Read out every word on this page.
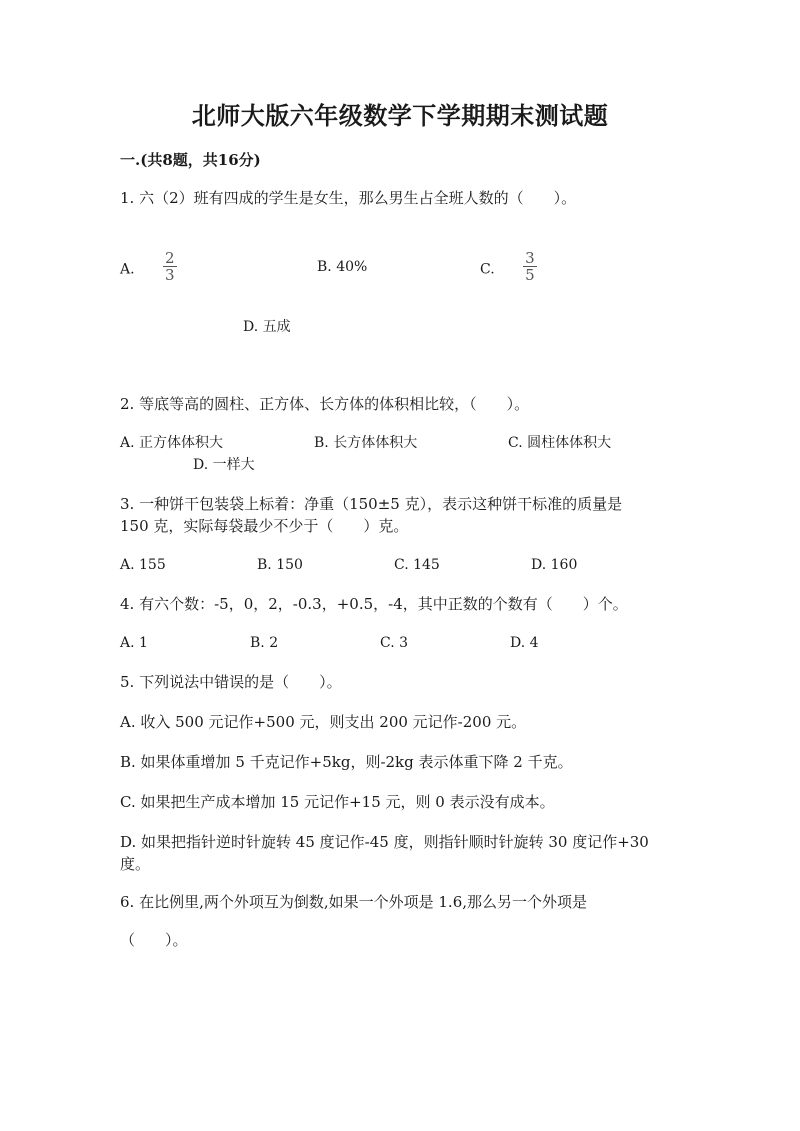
北师大版六年级数学下学期期末测试题
一.(共8题，共16分)
1. 六（2）班有四成的学生是女生，那么男生占全班人数的（　　）。
A. $\frac{2}{3}$	B. 40%	C. $\frac{3}{5}$
D. 五成
2. 等底等高的圆柱、正方体、长方体的体积相比较，（　　）。
A. 正方体体积大	B. 长方体体积大	C. 圆柱体体积大
D. 一样大
3. 一种饼干包装袋上标着：净重（150±5 克），表示这种饼干标准的质量是
150 克，实际每袋最少不少于（　　）克。
A. 155	B. 150	C. 145	D. 160
4. 有六个数：-5，0，2，-0.3，+0.5，-4，其中正数的个数有（　　）个。
A. 1	B. 2	C. 3	D. 4
5. 下列说法中错误的是（　　）。
A. 收入 500 元记作+500 元，则支出 200 元记作-200 元。
B. 如果体重增加 5 千克记作+5kg，则-2kg 表示体重下降 2 千克。
C. 如果把生产成本增加 15 元记作+15 元，则 0 表示没有成本。
D. 如果把指针逆时针旋转 45 度记作-45 度，则指针顺时针旋转 30 度记作+30
度。
6. 在比例里,两个外项互为倒数,如果一个外项是 1.6,那么另一个外项是
（　　）。
